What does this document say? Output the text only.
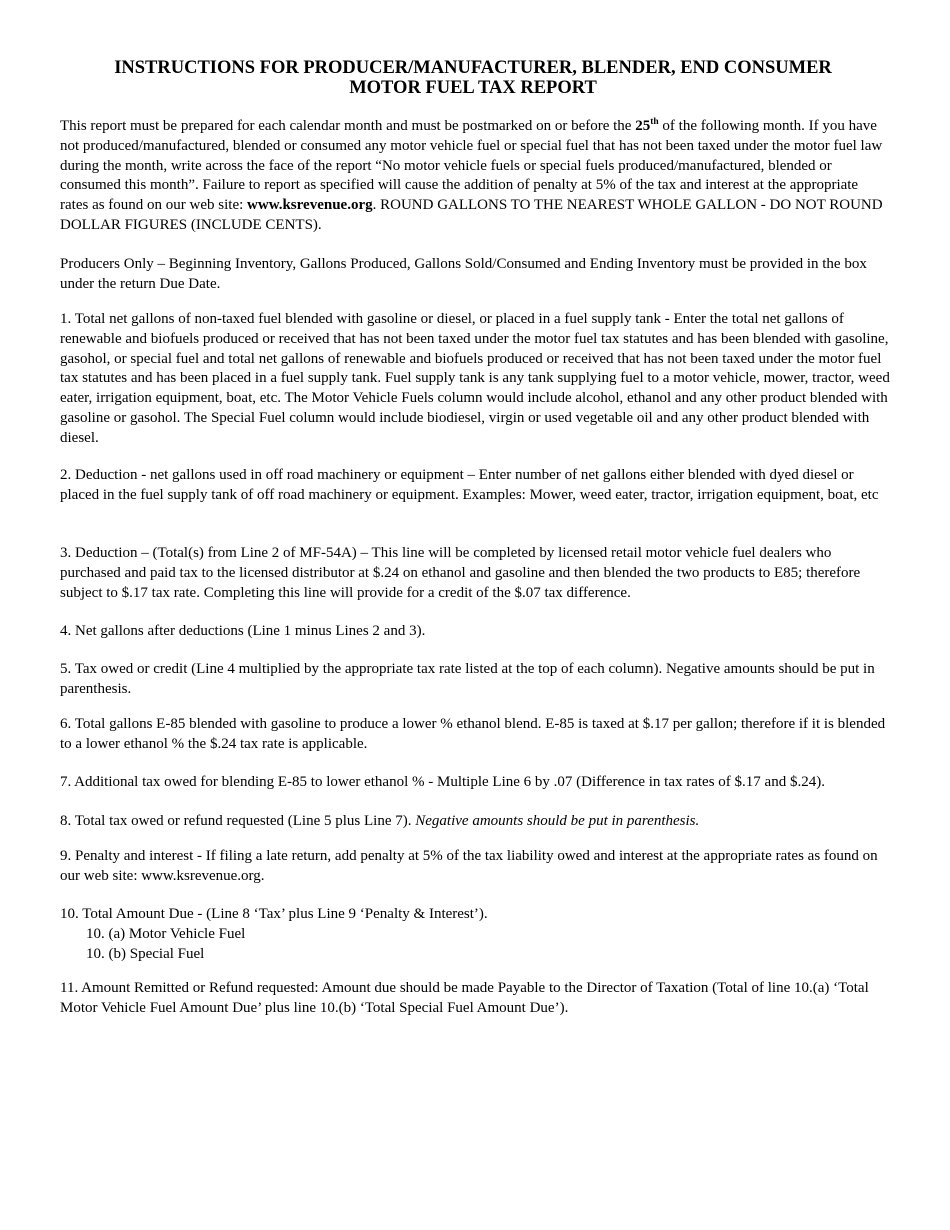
INSTRUCTIONS FOR PRODUCER/MANUFACTURER, BLENDER, END CONSUMER
MOTOR FUEL TAX REPORT

This report must be prepared for each calendar month and must be postmarked on or before the 25th of the following month. If you have not produced/manufactured, blended or consumed any motor vehicle fuel or special fuel that has not been taxed under the motor fuel law during the month, write across the face of the report “No motor vehicle fuels or special fuels produced/manufactured, blended or consumed this month”. Failure to report as specified will cause the addition of penalty at 5% of the tax and interest at the appropriate rates as found on our web site: www.ksrevenue.org. ROUND GALLONS TO THE NEAREST WHOLE GALLON - DO NOT ROUND DOLLAR FIGURES (INCLUDE CENTS).

Producers Only – Beginning Inventory, Gallons Produced, Gallons Sold/Consumed and Ending Inventory must be provided in the box under the return Due Date.

1. Total net gallons of non-taxed fuel blended with gasoline or diesel, or placed in a fuel supply tank - Enter the total net gallons of renewable and biofuels produced or received that has not been taxed under the motor fuel tax statutes and has been blended with gasoline, gasohol, or special fuel and total net gallons of renewable and biofuels produced or received that has not been taxed under the motor fuel tax statutes and has been placed in a fuel supply tank. Fuel supply tank is any tank supplying fuel to a motor vehicle, mower, tractor, weed eater, irrigation equipment, boat, etc. The Motor Vehicle Fuels column would include alcohol, ethanol and any other product blended with gasoline or gasohol. The Special Fuel column would include biodiesel, virgin or used vegetable oil and any other product blended with diesel.

2. Deduction - net gallons used in off road machinery or equipment – Enter number of net gallons either blended with dyed diesel or placed in the fuel supply tank of off road machinery or equipment. Examples: Mower, weed eater, tractor, irrigation equipment, boat, etc

3. Deduction – (Total(s) from Line 2 of MF-54A) – This line will be completed by licensed retail motor vehicle fuel dealers who purchased and paid tax to the licensed distributor at $.24 on ethanol and gasoline and then blended the two products to E85; therefore subject to $.17 tax rate. Completing this line will provide for a credit of the $.07 tax difference.

4. Net gallons after deductions (Line 1 minus Lines 2 and 3).

5. Tax owed or credit (Line 4 multiplied by the appropriate tax rate listed at the top of each column). Negative amounts should be put in parenthesis.

6. Total gallons E-85 blended with gasoline to produce a lower % ethanol blend. E-85 is taxed at $.17 per gallon; therefore if it is blended to a lower ethanol % the $.24 tax rate is applicable.

7. Additional tax owed for blending E-85 to lower ethanol % - Multiple Line 6 by .07 (Difference in tax rates of $.17 and $.24).

8. Total tax owed or refund requested (Line 5 plus Line 7). Negative amounts should be put in parenthesis.

9. Penalty and interest - If filing a late return, add penalty at 5% of the tax liability owed and interest at the appropriate rates as found on our web site: www.ksrevenue.org.

10. Total Amount Due - (Line 8 ‘Tax’ plus Line 9 ‘Penalty & Interest’).

10. (a) Motor Vehicle Fuel

10. (b) Special Fuel

11. Amount Remitted or Refund requested: Amount due should be made Payable to the Director of Taxation (Total of line 10.(a) ‘Total Motor Vehicle Fuel Amount Due’ plus line 10.(b) ‘Total Special Fuel Amount Due’).
